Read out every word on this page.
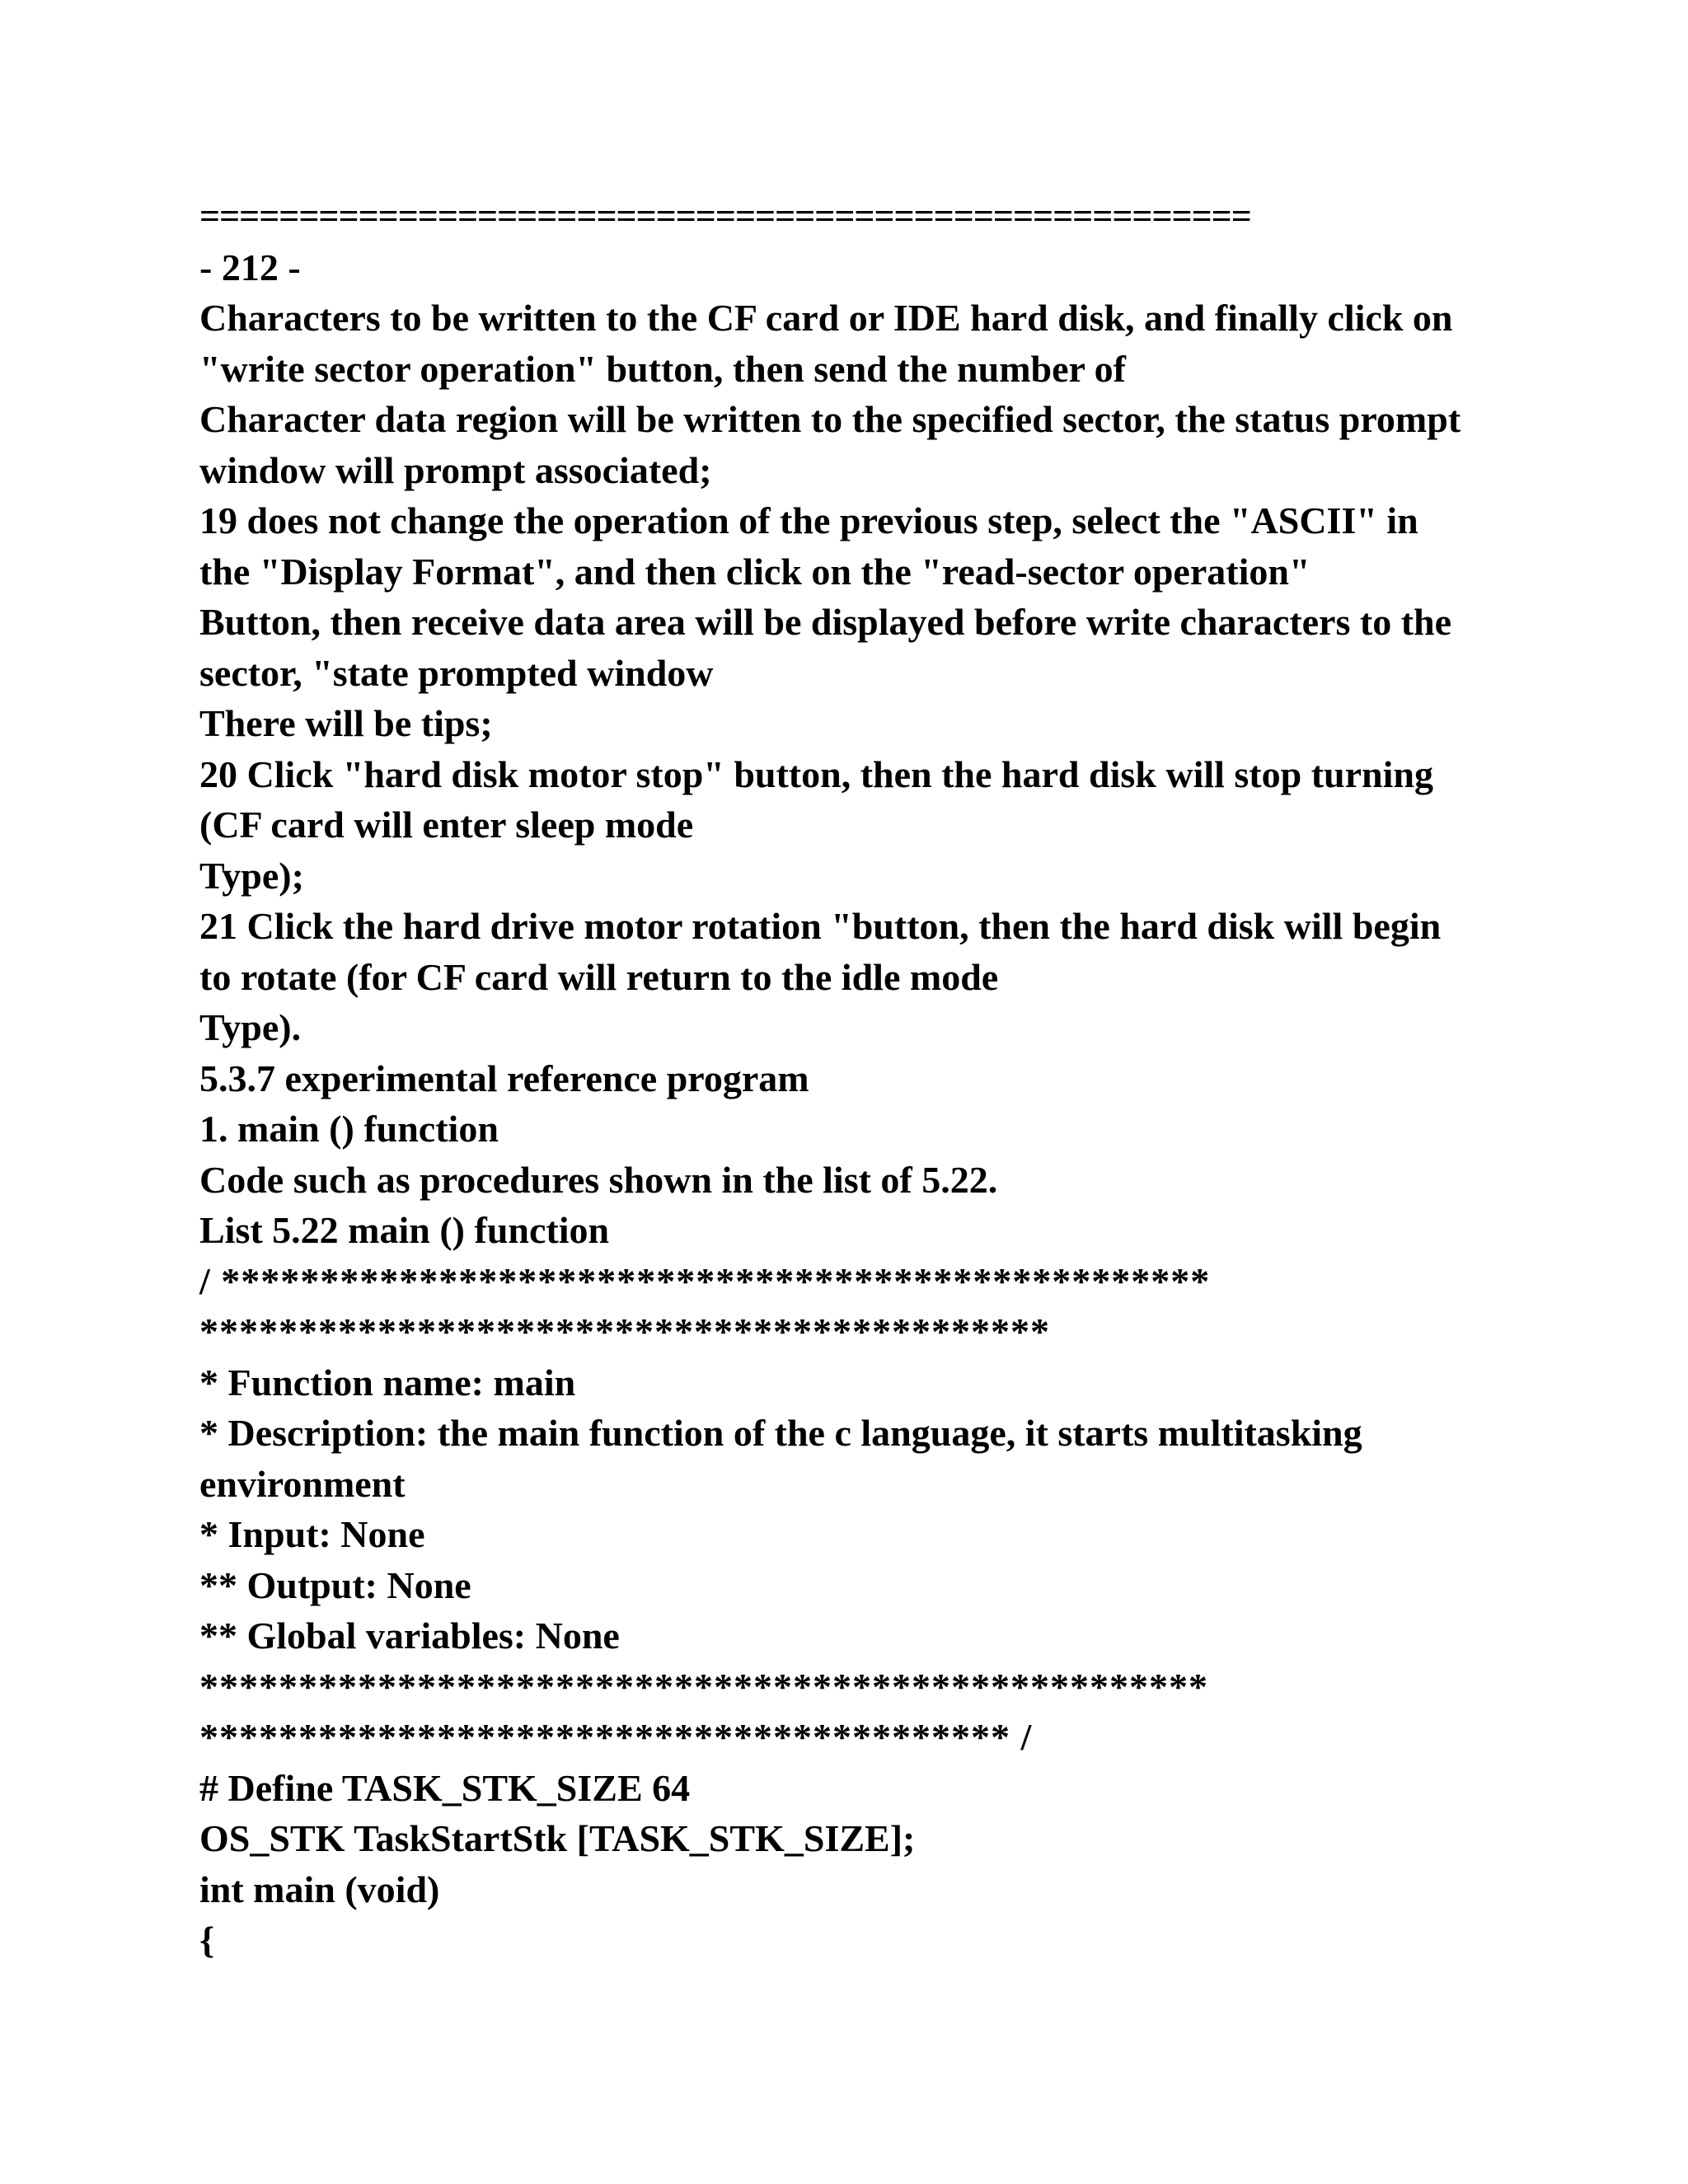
=====================================================
- 212 -
Characters to be written to the CF card or IDE hard disk, and finally click on
"write sector operation" button, then send the number of
Character data region will be written to the specified sector, the status prompt
window will prompt associated;
19 does not change the operation of the previous step, select the "ASCII" in
the "Display Format", and then click on the "read-sector operation"
Button, then receive data area will be displayed before write characters to the
sector, "state prompted window
There will be tips;
20 Click "hard disk motor stop" button, then the hard disk will stop turning
(CF card will enter sleep mode
Type);
21 Click the hard drive motor rotation "button, then the hard disk will begin
to rotate (for CF card will return to the idle mode
Type).
5.3.7 experimental reference program
1. main () function
Code such as procedures shown in the list of 5.22.
List 5.22 main () function
/ **************************************************
*******************************************
* Function name: main
* Description: the main function of the c language, it starts multitasking
environment
* Input: None
** Output: None
** Global variables: None
***************************************************
***************************************** /
# Define TASK_STK_SIZE 64
OS_STK TaskStartStk [TASK_STK_SIZE];
int main (void)
{
